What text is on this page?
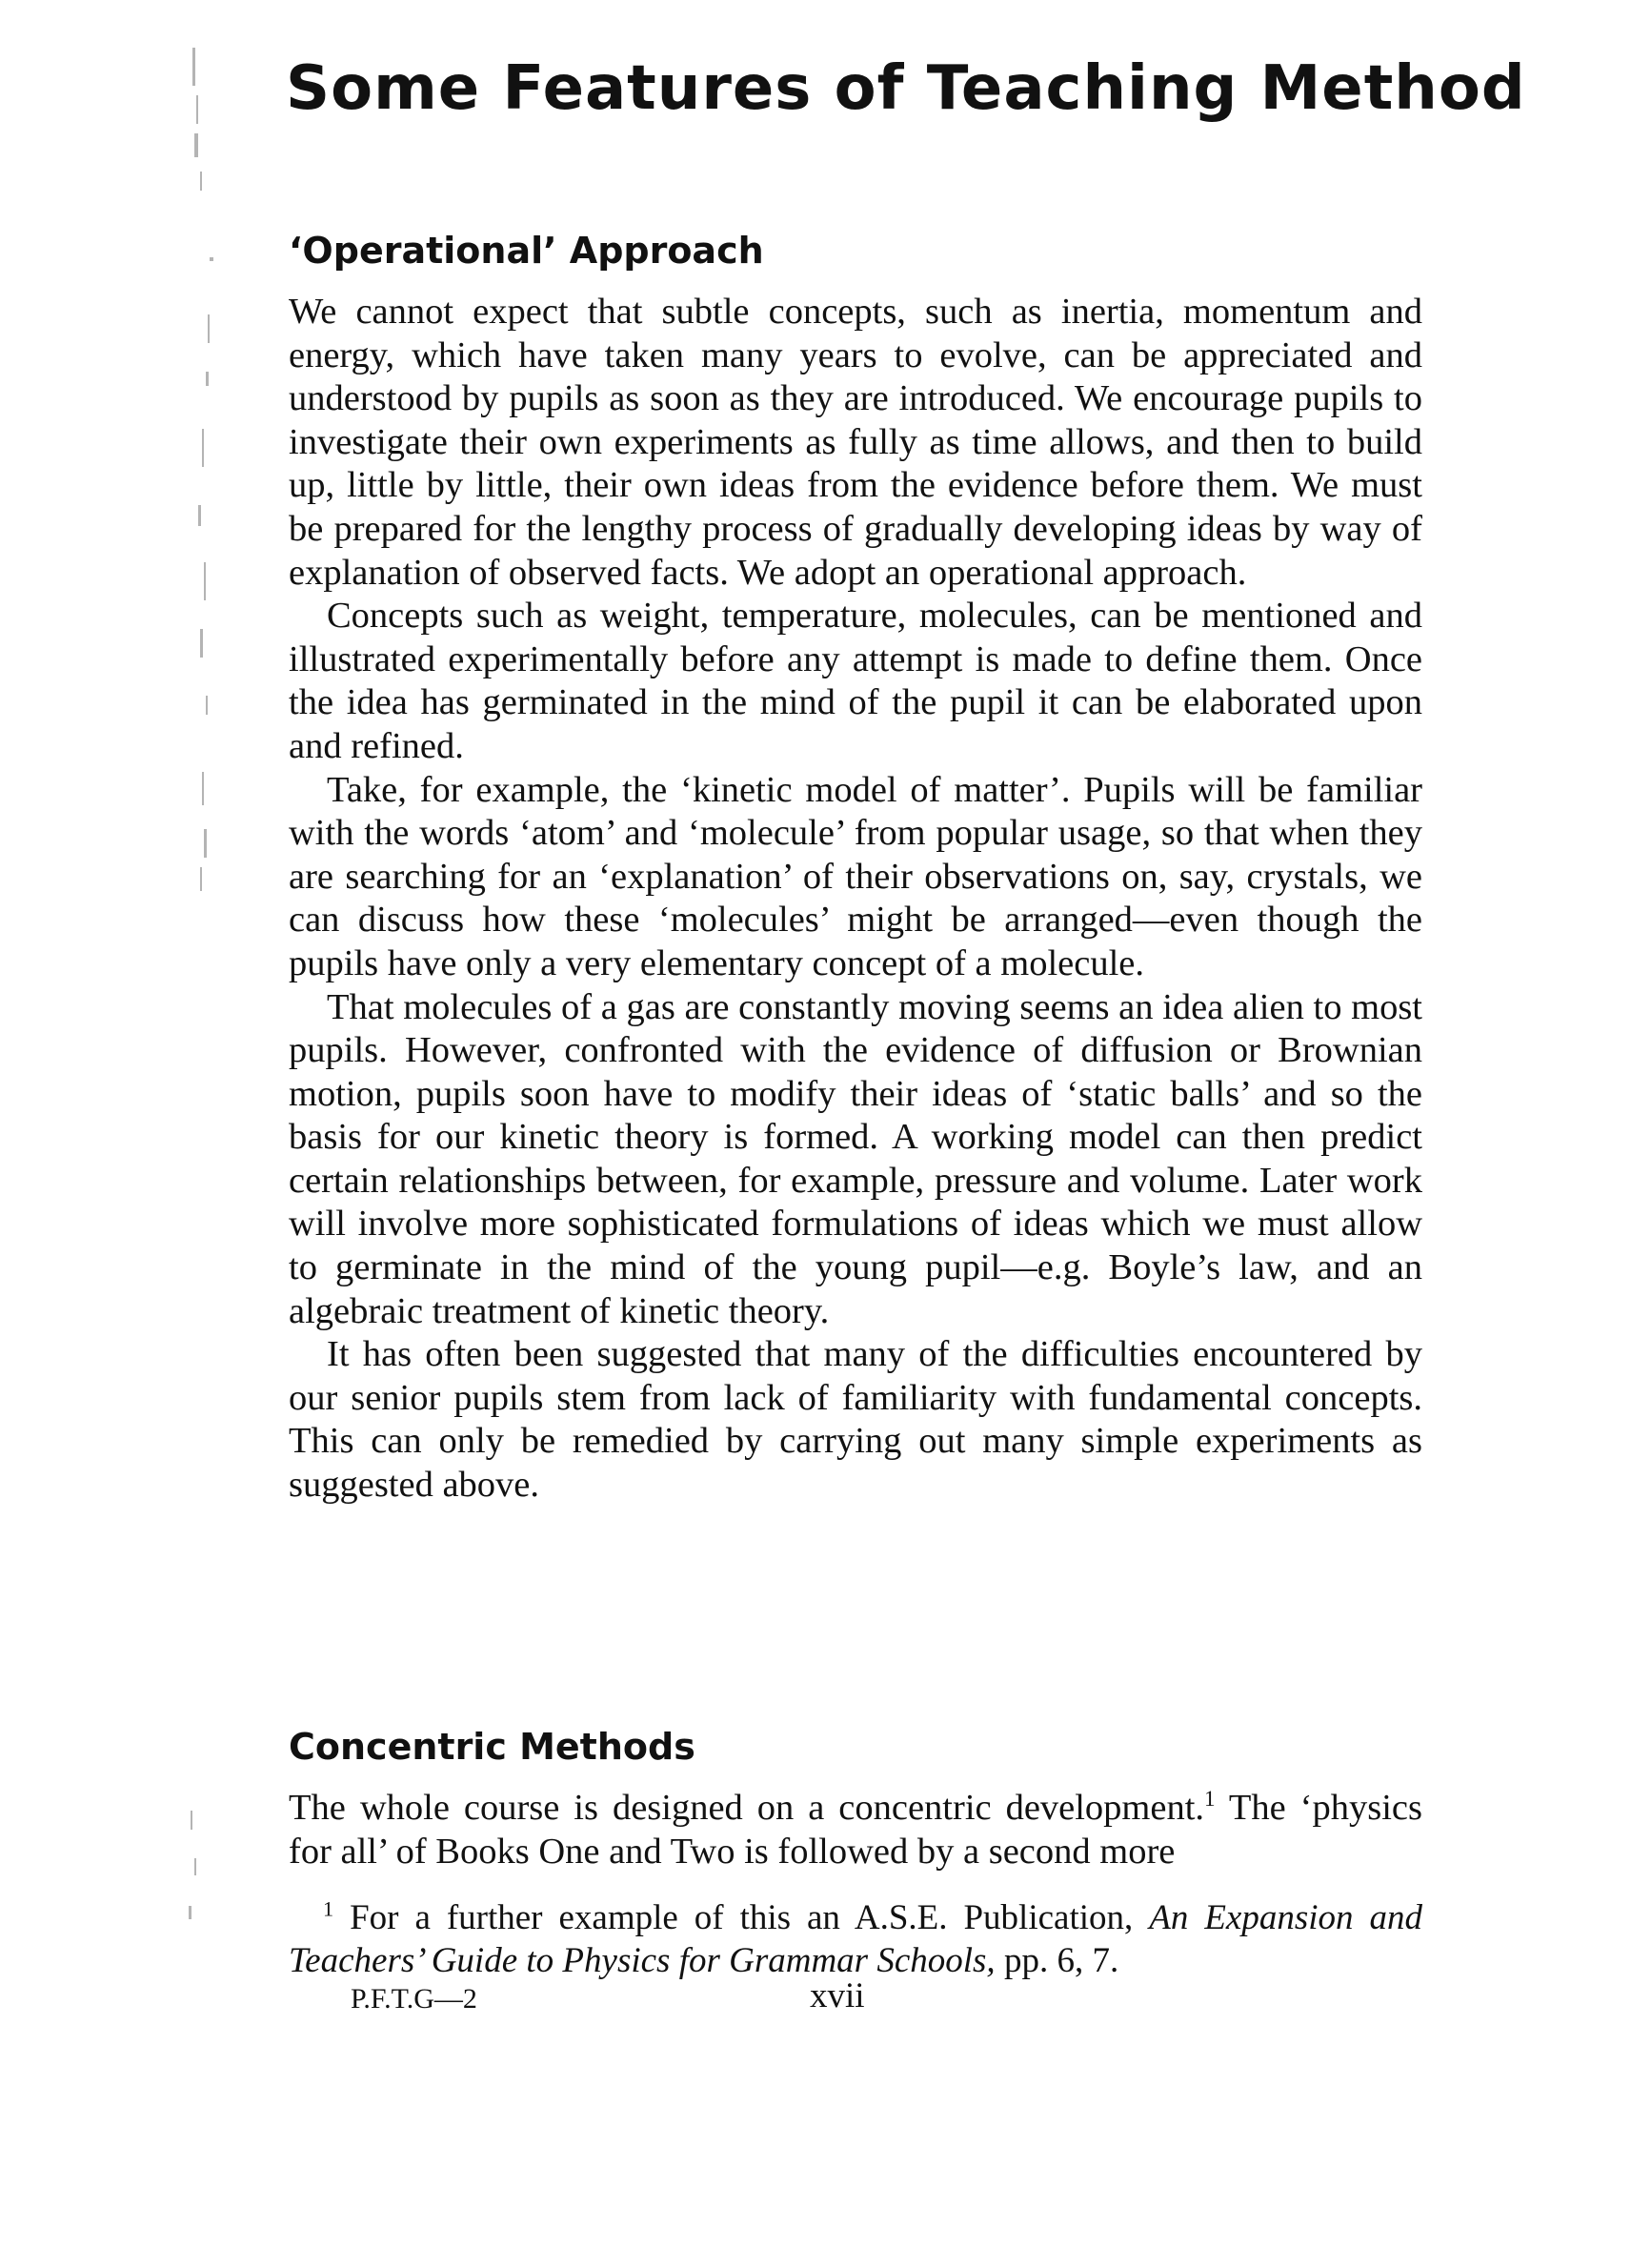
Some Features of Teaching Method
‘Operational’ Approach

We cannot expect that subtle concepts, such as inertia, momentum and energy, which have taken many years to evolve, can be appreciated and understood by pupils as soon as they are introduced. We encourage pupils to investigate their own experiments as fully as time allows, and then to build up, little by little, their own ideas from the evidence before them. We must be prepared for the lengthy process of gradually developing ideas by way of explanation of observed facts. We adopt an operational approach.

Concepts such as weight, temperature, molecules, can be mentioned and illustrated experimentally before any attempt is made to define them. Once the idea has germinated in the mind of the pupil it can be elaborated upon and refined.

Take, for example, the ‘kinetic model of matter’. Pupils will be familiar with the words ‘atom’ and ‘molecule’ from popular usage, so that when they are searching for an ‘explanation’ of their observations on, say, crystals, we can discuss how these ‘molecules’ might be arranged—even though the pupils have only a very elementary concept of a molecule.

That molecules of a gas are constantly moving seems an idea alien to most pupils. However, confronted with the evidence of diffusion or Brownian motion, pupils soon have to modify their ideas of ‘static balls’ and so the basis for our kinetic theory is formed. A working model can then predict certain relationships between, for example, pressure and volume. Later work will involve more sophisticated formulations of ideas which we must allow to germinate in the mind of the young pupil—e.g. Boyle’s law, and an algebraic treatment of kinetic theory.

It has often been suggested that many of the difficulties encountered by our senior pupils stem from lack of familiarity with fundamental concepts. This can only be remedied by carrying out many simple experiments as suggested above.

Concentric Methods

The whole course is designed on a concentric development.$^1$ The ‘physics for all’ of Books One and Two is followed by a second more

$^1$ For a further example of this an A.S.E. Publication, An Expansion and Teachers’ Guide to Physics for Grammar Schools, pp. 6, 7.

P.F.T.G—2	xvii
